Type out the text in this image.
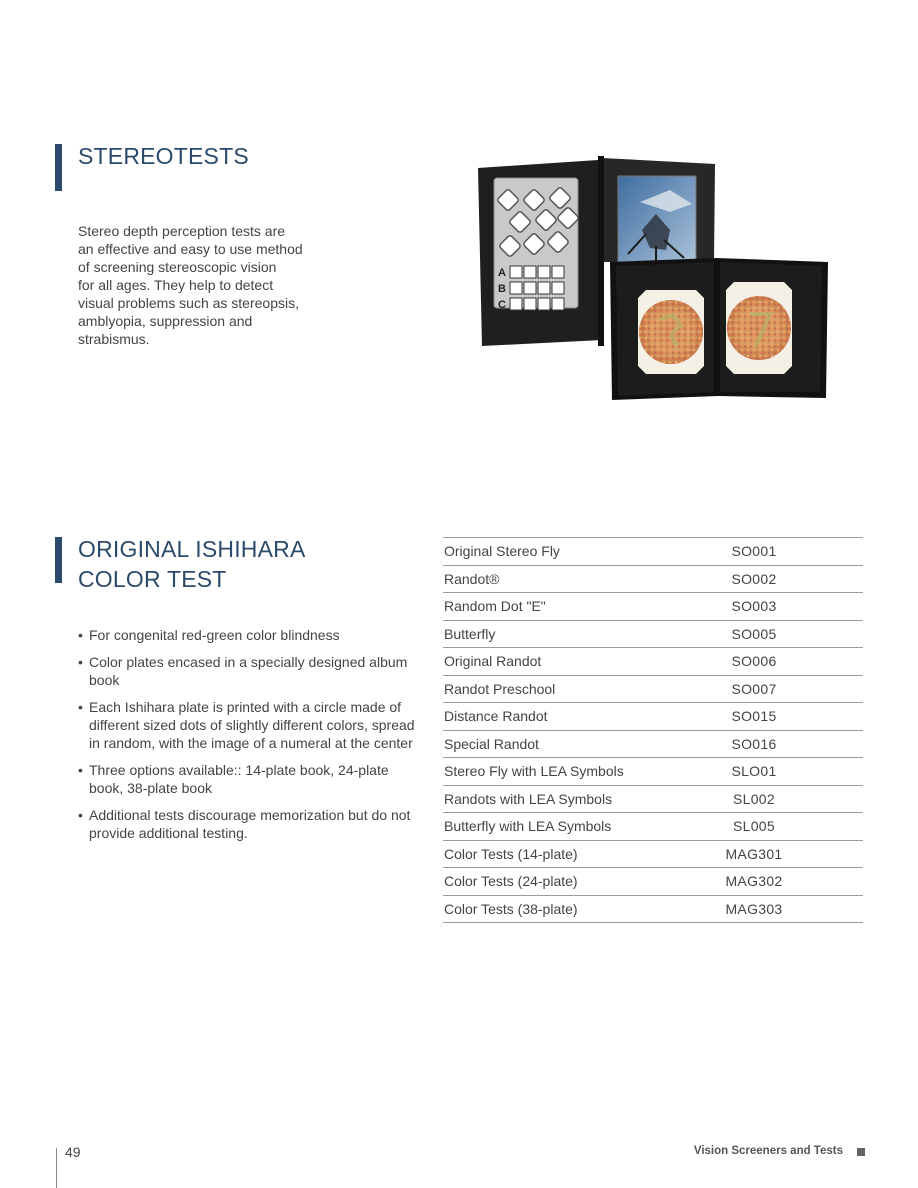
STEREOTESTS
Stereo depth perception tests are
an effective and easy to use method
of screening stereoscopic vision
for all ages. They help to detect
visual problems such as stereopsis,
amblyopia, suppression and
strabismus.
A
B
C
ORIGINAL ISHIHARA
COLOR TEST
• For congenital red-green color blindness
• Color plates encased in a specially designed album book
• Each Ishihara plate is printed with a circle made of different sized dots of slightly different colors, spread in random, with the image of a numeral at the center
• Three options available:: 14-plate book, 24-plate book, 38-plate book
• Additional tests discourage memorization but do not provide additional testing.
Original Stereo Fly	SO001
Randot®	SO002
Random Dot "E"	SO003
Butterfly	SO005
Original Randot	SO006
Randot Preschool	SO007
Distance Randot	SO015
Special Randot	SO016
Stereo Fly with LEA Symbols	SLO01
Randots with LEA Symbols	SL002
Butterfly with LEA Symbols	SL005
Color Tests (14-plate)	MAG301
Color Tests (24-plate)	MAG302
Color Tests (38-plate)	MAG303
49	Vision Screeners and Tests
